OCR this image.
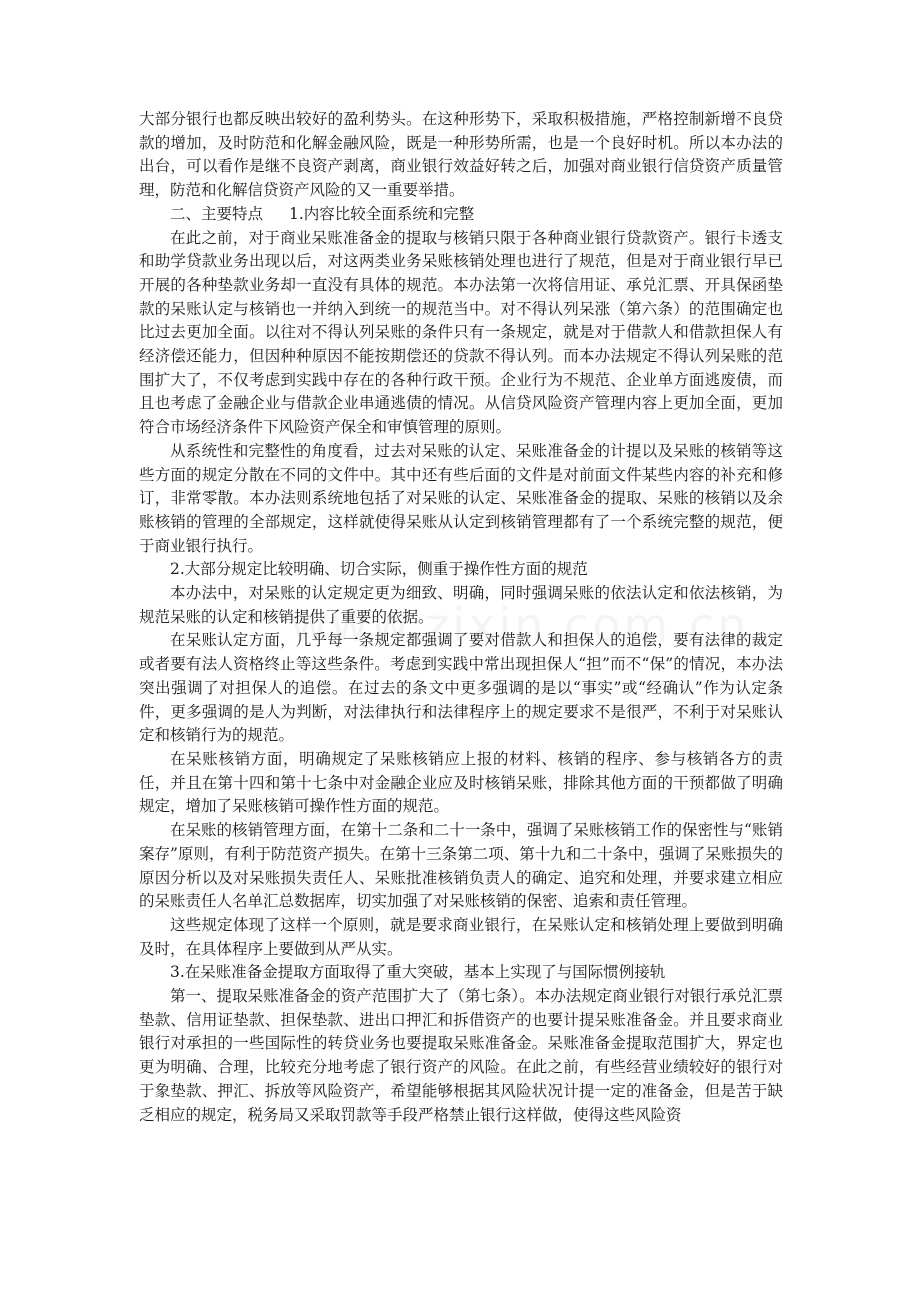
大部分银行也都反映出较好的盈利势头。在这种形势下，采取积极措施，严格控制新增不良贷款的增加，及时防范和化解金融风险，既是一种形势所需，也是一个良好时机。所以本办法的出台，可以看作是继不良资产剥离，商业银行效益好转之后，加强对商业银行信贷资产质量管理，防范和化解信贷资产风险的又一重要举措。

二、主要特点 1.内容比较全面系统和完整

在此之前，对于商业呆账准备金的提取与核销只限于各种商业银行贷款资产。银行卡透支和助学贷款业务出现以后，对这两类业务呆账核销处理也进行了规范，但是对于商业银行早已开展的各种垫款业务却一直没有具体的规范。本办法第一次将信用证、承兑汇票、开具保函垫款的呆账认定与核销也一并纳入到统一的规范当中。对不得认列呆涨（第六条）的范围确定也比过去更加全面。以往对不得认列呆账的条件只有一条规定，就是对于借款人和借款担保人有经济偿还能力，但因种种原因不能按期偿还的贷款不得认列。而本办法规定不得认列呆账的范围扩大了，不仅考虑到实践中存在的各种行政干预。企业行为不规范、企业单方面逃废债，而且也考虑了金融企业与借款企业串通逃债的情况。从信贷风险资产管理内容上更加全面，更加符合市场经济条件下风险资产保全和审慎管理的原则。

从系统性和完整性的角度看，过去对呆账的认定、呆账准备金的计提以及呆账的核销等这些方面的规定分散在不同的文件中。其中还有些后面的文件是对前面文件某些内容的补充和修订，非常零散。本办法则系统地包括了对呆账的认定、呆账准备金的提取、呆账的核销以及余账核销的管理的全部规定，这样就使得呆账从认定到核销管理都有了一个系统完整的规范，便于商业银行执行。

2.大部分规定比较明确、切合实际，侧重于操作性方面的规范

本办法中，对呆账的认定规定更为细致、明确，同时强调呆账的依法认定和依法核销，为规范呆账的认定和核销提供了重要的依据。

在呆账认定方面，几乎每一条规定都强调了要对借款人和担保人的追偿，要有法律的裁定或者要有法人资格终止等这些条件。考虑到实践中常出现担保人“担”而不“保”的情况，本办法突出强调了对担保人的追偿。在过去的条文中更多强调的是以“事实”或“经确认”作为认定条件，更多强调的是人为判断，对法律执行和法律程序上的规定要求不是很严，不利于对呆账认定和核销行为的规范。

在呆账核销方面，明确规定了呆账核销应上报的材料、核销的程序、参与核销各方的责任，并且在第十四和第十七条中对金融企业应及时核销呆账，排除其他方面的干预都做了明确规定，增加了呆账核销可操作性方面的规范。

在呆账的核销管理方面，在第十二条和二十一条中，强调了呆账核销工作的保密性与“账销案存”原则，有利于防范资产损失。在第十三条第二项、第十九和二十条中，强调了呆账损失的原因分析以及对呆账损失责任人、呆账批准核销负责人的确定、追究和处理，并要求建立相应的呆账责任人名单汇总数据库，切实加强了对呆账核销的保密、追索和责任管理。

这些规定体现了这样一个原则，就是要求商业银行，在呆账认定和核销处理上要做到明确及时，在具体程序上要做到从严从实。

3.在呆账准备金提取方面取得了重大突破，基本上实现了与国际惯例接轨

第一、提取呆账准备金的资产范围扩大了（第七条）。本办法规定商业银行对银行承兑汇票垫款、信用证垫款、担保垫款、进出口押汇和拆借资产的也要计提呆账准备金。并且要求商业银行对承担的一些国际性的转贷业务也要提取呆账准备金。呆账准备金提取范围扩大，界定也更为明确、合理，比较充分地考虑了银行资产的风险。在此之前，有些经营业绩较好的银行对于象垫款、押汇、拆放等风险资产，希望能够根据其风险状况计提一定的准备金，但是苦于缺乏相应的规定，税务局又采取罚款等手段严格禁止银行这样做，使得这些风险资
